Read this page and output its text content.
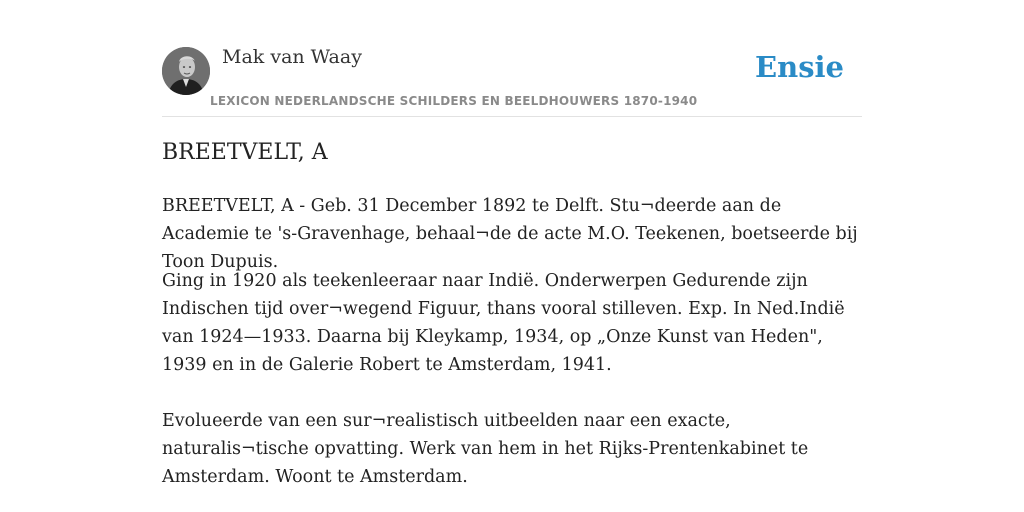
Mak van Waay	Ensie
LEXICON NEDERLANDSCHE SCHILDERS EN BEELDHOUWERS 1870-1940
BREETVELT, A

BREETVELT, A - Geb. 31 December 1892 te Delft. Stu¬deerde aan de Academie te 's-Gravenhage, behaal¬de de acte M.O. Teekenen, boetseerde bij Toon Dupuis.

Ging in 1920 als teekenleeraar naar Indië. Onderwerpen Gedurende zijn Indischen tijd over¬wegend Figuur, thans vooral stilleven. Exp. In Ned.Indië van 1924—1933. Daarna bij Kleykamp, 1934, op „Onze Kunst van Heden", 1939 en in de Galerie Robert te Amsterdam, 1941.

Evolueerde van een sur¬realistisch uitbeelden naar een exacte, naturalis¬tische opvatting. Werk van hem in het Rijks-Prentenkabinet te Amsterdam. Woont te Amsterdam.
